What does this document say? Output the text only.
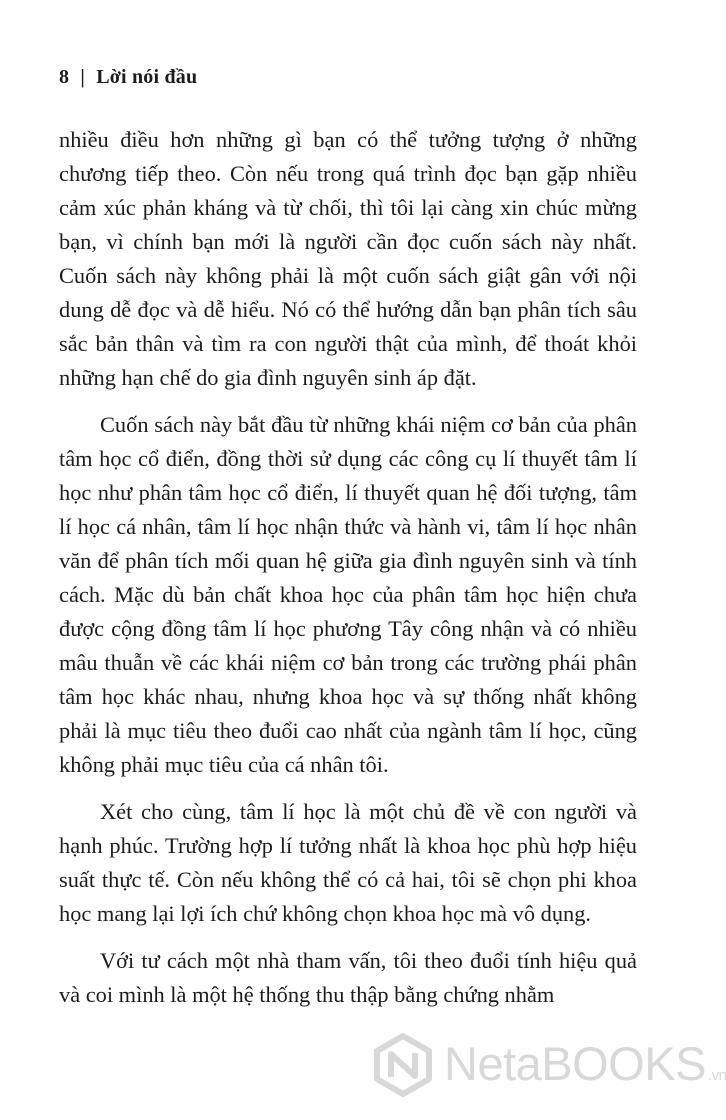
8 | Lời nói đầu

nhiều điều hơn những gì bạn có thể tưởng tượng ở những chương tiếp theo. Còn nếu trong quá trình đọc bạn gặp nhiều cảm xúc phản kháng và từ chối, thì tôi lại càng xin chúc mừng bạn, vì chính bạn mới là người cần đọc cuốn sách này nhất. Cuốn sách này không phải là một cuốn sách giật gân với nội dung dễ đọc và dễ hiểu. Nó có thể hướng dẫn bạn phân tích sâu sắc bản thân và tìm ra con người thật của mình, để thoát khỏi những hạn chế do gia đình nguyên sinh áp đặt.

Cuốn sách này bắt đầu từ những khái niệm cơ bản của phân tâm học cổ điển, đồng thời sử dụng các công cụ lí thuyết tâm lí học như phân tâm học cổ điển, lí thuyết quan hệ đối tượng, tâm lí học cá nhân, tâm lí học nhận thức và hành vi, tâm lí học nhân văn để phân tích mối quan hệ giữa gia đình nguyên sinh và tính cách. Mặc dù bản chất khoa học của phân tâm học hiện chưa được cộng đồng tâm lí học phương Tây công nhận và có nhiều mâu thuẫn về các khái niệm cơ bản trong các trường phái phân tâm học khác nhau, nhưng khoa học và sự thống nhất không phải là mục tiêu theo đuổi cao nhất của ngành tâm lí học, cũng không phải mục tiêu của cá nhân tôi.

Xét cho cùng, tâm lí học là một chủ đề về con người và hạnh phúc. Trường hợp lí tưởng nhất là khoa học phù hợp hiệu suất thực tế. Còn nếu không thể có cả hai, tôi sẽ chọn phi khoa học mang lại lợi ích chứ không chọn khoa học mà vô dụng.

Với tư cách một nhà tham vấn, tôi theo đuổi tính hiệu quả và coi mình là một hệ thống thu thập bằng chứng nhằm

NetaBOOKS .vn
